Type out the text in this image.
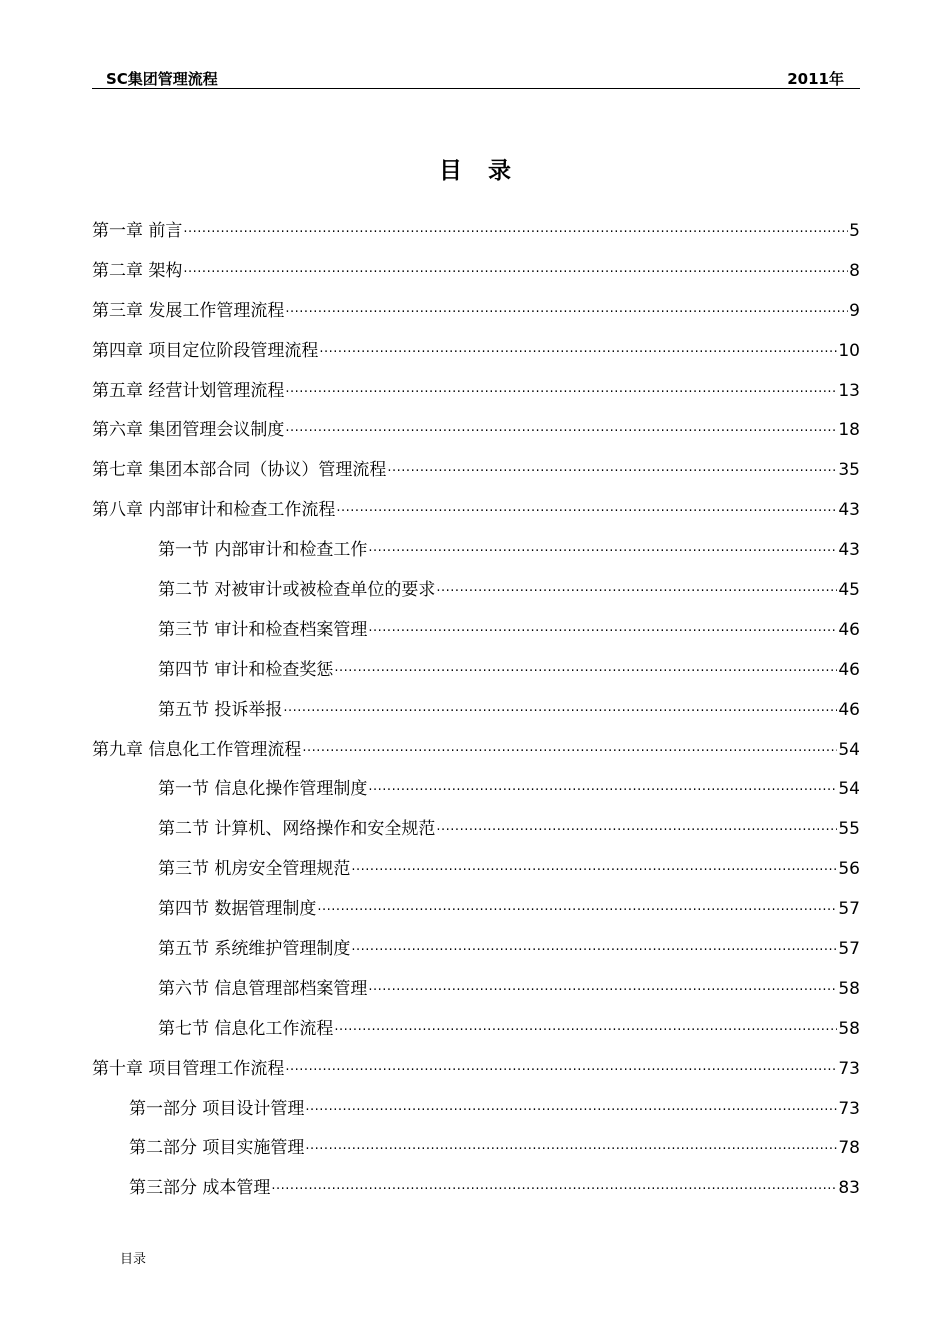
SC集团管理流程	2011年
目录
第一章 前言 ·····	5
第二章 架构 ·····	8
第三章 发展工作管理流程 ·····	9
第四章 项目定位阶段管理流程 ·····	10
第五章 经营计划管理流程 ·····	13
第六章 集团管理会议制度 ·····	18
第七章 集团本部合同（协议）管理流程 ·····	35
第八章 内部审计和检查工作流程 ·····	43
第一节 内部审计和检查工作 ·····	43
第二节 对被审计或被检查单位的要求 ·····	45
第三节 审计和检查档案管理 ·····	46
第四节 审计和检查奖惩 ·····	46
第五节 投诉举报 ·····	46
第九章 信息化工作管理流程 ·····	54
第一节 信息化操作管理制度 ·····	54
第二节 计算机、网络操作和安全规范 ·····	55
第三节 机房安全管理规范 ·····	56
第四节 数据管理制度 ·····	57
第五节 系统维护管理制度 ·····	57
第六节 信息管理部档案管理 ·····	58
第七节 信息化工作流程 ·····	58
第十章 项目管理工作流程 ·····	73
第一部分 项目设计管理 ·····	73
第二部分 项目实施管理 ·····	78
第三部分 成本管理 ·····	83
目录
